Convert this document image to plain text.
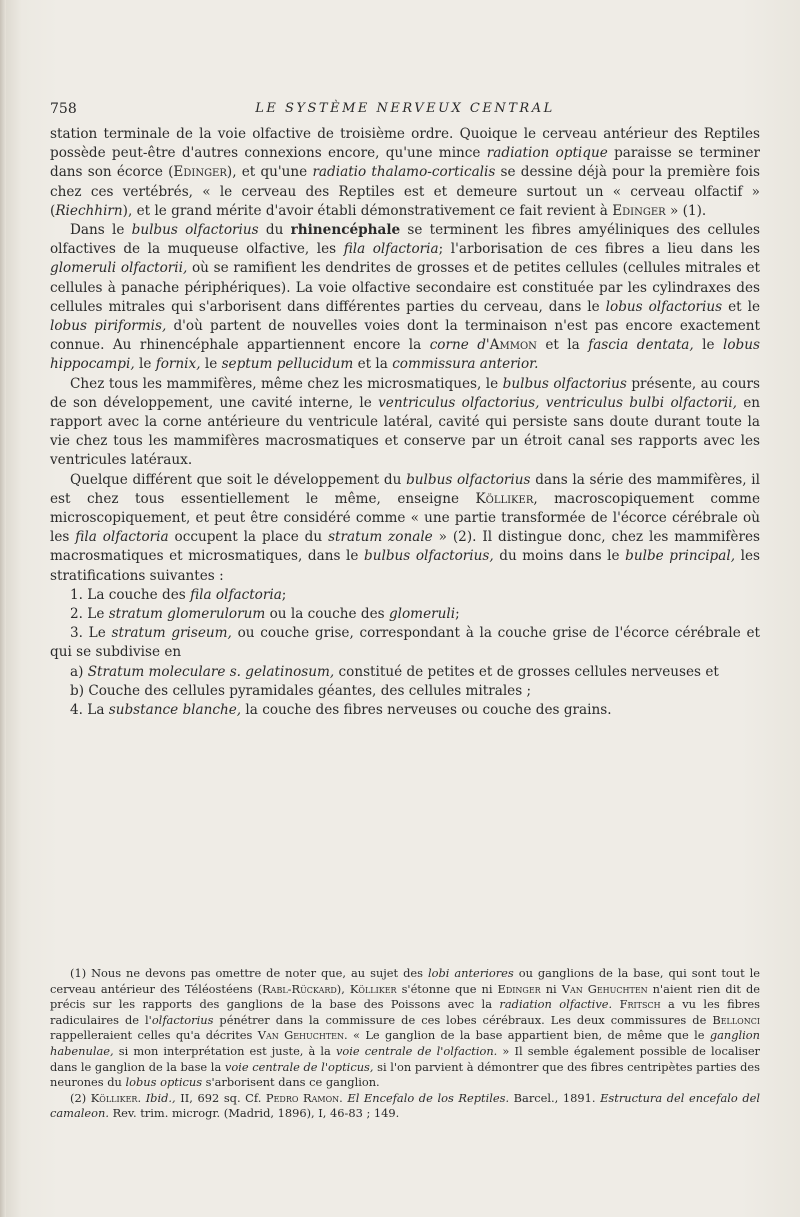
758	LE SYSTÈME NERVEUX CENTRAL

station terminale de la voie olfactive de troisième ordre. Quoique le cerveau antérieur des Reptiles possède peut-être d'autres connexions encore, qu'une mince radiation optique paraisse se terminer dans son écorce (Edinger), et qu'une radiatio thalamo-corticalis se dessine déjà pour la première fois chez ces vertébrés, « le cerveau des Reptiles est et demeure surtout un « cerveau olfactif » (Riechhirn), et le grand mérite d'avoir établi démonstrativement ce fait revient à Edinger » (1).

Dans le bulbus olfactorius du rhinencéphale se terminent les fibres amyéliniques des cellules olfactives de la muqueuse olfactive, les fila olfactoria; l'arborisation de ces fibres a lieu dans les glomeruli olfactorii, où se ramifient les dendrites de grosses et de petites cellules (cellules mitrales et cellules à panache périphériques). La voie olfactive secondaire est constituée par les cylindraxes des cellules mitrales qui s'arborisent dans différentes parties du cerveau, dans le lobus olfactorius et le lobus piriformis, d'où partent de nouvelles voies dont la terminaison n'est pas encore exactement connue. Au rhinencéphale appartiennent encore la corne d'Ammon et la fascia dentata, le lobus hippocampi, le fornix, le septum pellucidum et la commissura anterior.

Chez tous les mammifères, même chez les microsmatiques, le bulbus olfactorius présente, au cours de son développement, une cavité interne, le ventriculus olfactorius, ventriculus bulbi olfactorii, en rapport avec la corne antérieure du ventricule latéral, cavité qui persiste sans doute durant toute la vie chez tous les mammifères macrosmatiques et conserve par un étroit canal ses rapports avec les ventricules latéraux.

Quelque différent que soit le développement du bulbus olfactorius dans la série des mammifères, il est chez tous essentiellement le même, enseigne Kölliker, macroscopiquement comme microscopiquement, et peut être considéré comme « une partie transformée de l'écorce cérébrale où les fila olfactoria occupent la place du stratum zonale » (2). Il distingue donc, chez les mammifères macrosmatiques et microsmatiques, dans le bulbus olfactorius, du moins dans le bulbe principal, les stratifications suivantes :

1. La couche des fila olfactoria;

2. Le stratum glomerulorum ou la couche des glomeruli;

3. Le stratum griseum, ou couche grise, correspondant à la couche grise de l'écorce cérébrale et qui se subdivise en

a) Stratum moleculare s. gelatinosum, constitué de petites et de grosses cellules nerveuses et

b) Couche des cellules pyramidales géantes, des cellules mitrales ;

4. La substance blanche, la couche des fibres nerveuses ou couche des grains.

(1) Nous ne devons pas omettre de noter que, au sujet des lobi anteriores ou ganglions de la base, qui sont tout le cerveau antérieur des Téléostéens (Rabl-Rückard), Kölliker s'étonne que ni Edinger ni Van Gehuchten n'aient rien dit de précis sur les rapports des ganglions de la base des Poissons avec la radiation olfactive. Fritsch a vu les fibres radiculaires de l'olfactorius pénétrer dans la commissure de ces lobes cérébraux. Les deux commissures de Bellonci rappelleraient celles qu'a décrites Van Gehuchten. « Le ganglion de la base appartient bien, de même que le ganglion habenulae, si mon interprétation est juste, à la voie centrale de l'olfaction. » Il semble également possible de localiser dans le ganglion de la base la voie centrale de l'opticus, si l'on parvient à démontrer que des fibres centripètes parties des neurones du lobus opticus s'arborisent dans ce ganglion.

(2) Kölliker. Ibid., II, 692 sq. Cf. Pedro Ramon. El Encefalo de los Reptiles. Barcel., 1891. Estructura del encefalo del camaleon. Rev. trim. microgr. (Madrid, 1896), I, 46-83 ; 149.
